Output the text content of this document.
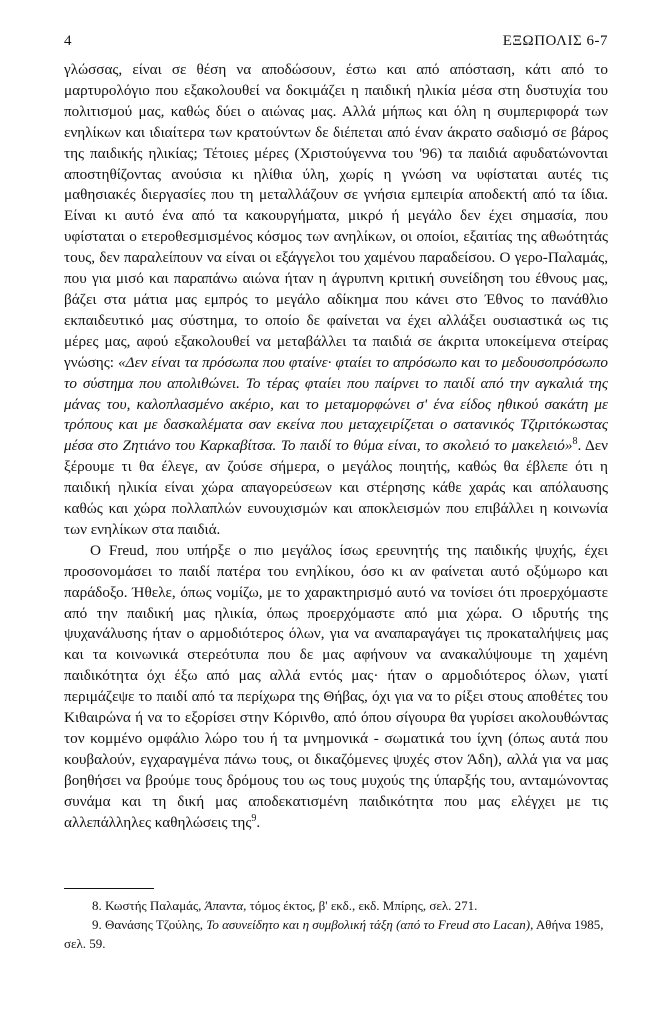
4	ΕΞΩΠΟΛΙΣ 6-7

γλώσσας, είναι σε θέση να αποδώσουν, έστω και από απόσταση, κάτι από το μαρτυρολόγιο που εξακολουθεί να δοκιμάζει η παιδική ηλικία μέσα στη δυστυχία του πολιτισμού μας, καθώς δύει ο αιώνας μας. Αλλά μήπως και όλη η συμπεριφορά των ενηλίκων και ιδιαίτερα των κρατούντων δε διέπεται από έναν άκρατο σαδισμό σε βάρος της παιδικής ηλικίας; Τέτοιες μέρες (Χριστούγεννα του '96) τα παιδιά αφυδατώνονται αποστηθίζοντας ανούσια κι ηλίθια ύλη, χωρίς η γνώση να υφίσταται αυτές τις μαθησιακές διεργασίες που τη μεταλλάζουν σε γνήσια εμπειρία αποδεκτή από τα ίδια. Είναι κι αυτό ένα από τα κακουργήματα, μικρό ή μεγάλο δεν έχει σημασία, που υφίσταται ο ετεροθεσμισμένος κόσμος των ανηλίκων, οι οποίοι, εξαιτίας της αθωότητάς τους, δεν παραλείπουν να είναι οι εξάγγελοι του χαμένου παραδείσου. Ο γερο-Παλαμάς, που για μισό και παραπάνω αιώνα ήταν η άγρυπνη κριτική συνείδηση του έθνους μας, βάζει στα μάτια μας εμπρός το μεγάλο αδίκημα που κάνει στο Έθνος το πανάθλιο εκπαιδευτικό μας σύστημα, το οποίο δε φαίνεται να έχει αλλάξει ουσιαστικά ως τις μέρες μας, αφού εξακολουθεί να μεταβάλλει τα παιδιά σε άκριτα υποκείμενα στείρας γνώσης: «Δεν είναι τα πρόσωπα που φταίνε· φταίει το απρόσωπο και το μεδουσοπρόσωπο το σύστημα που απολιθώνει. Το τέρας φταίει που παίρνει το παιδί από την αγκαλιά της μάνας του, καλοπλασμένο ακέριο, και το μεταμορφώνει σ' ένα είδος ηθικού σακάτη με τρόπους και με δασκαλέματα σαν εκείνα που μεταχειρίζεται ο σατανικός Τζιριτόκωστας μέσα στο Ζητιάνο του Καρκαβίτσα. Το παιδί το θύμα είναι, το σκολειό το μακελειό»$^8$. Δεν ξέρουμε τι θα έλεγε, αν ζούσε σήμερα, ο μεγάλος ποιητής, καθώς θα έβλεπε ότι η παιδική ηλικία είναι χώρα απαγορεύσεων και στέρησης κάθε χαράς και απόλαυσης καθώς και χώρα πολλαπλών ευνουχισμών και αποκλεισμών που επιβάλλει η κοινωνία των ενηλίκων στα παιδιά.

Ο Freud, που υπήρξε ο πιο μεγάλος ίσως ερευνητής της παιδικής ψυχής, έχει προσονομάσει το παιδί πατέρα του ενηλίκου, όσο κι αν φαίνεται αυτό οξύμωρο και παράδοξο. Ήθελε, όπως νομίζω, με το χαρακτηρισμό αυτό να τονίσει ότι προερχόμαστε από την παιδική μας ηλικία, όπως προερχόμαστε από μια χώρα. Ο ιδρυτής της ψυχανάλυσης ήταν ο αρμοδιότερος όλων, για να αναπαραγάγει τις προκαταλήψεις μας και τα κοινωνικά στερεότυπα που δε μας αφήνουν να ανακαλύψουμε τη χαμένη παιδικότητα όχι έξω από μας αλλά εντός μας· ήταν ο αρμοδιότερος όλων, γιατί περιμάζεψε το παιδί από τα περίχωρα της Θήβας, όχι για να το ρίξει στους αποθέτες του Κιθαιρώνα ή να το εξορίσει στην Κόρινθο, από όπου σίγουρα θα γυρίσει ακολουθώντας τον κομμένο ομφάλιο λώρο του ή τα μνημονικά - σωματικά του ίχνη (όπως αυτά που κουβαλούν, εγχαραγμένα πάνω τους, οι δικαζόμενες ψυχές στον Άδη), αλλά για να μας βοηθήσει να βρούμε τους δρόμους του ως τους μυχούς της ύπαρξής του, ανταμώνοντας συνάμα και τη δική μας αποδεκατισμένη παιδικότητα που μας ελέγχει με τις αλλεπάλληλες καθηλώσεις της$^9$.

8. Κωστής Παλαμάς, Άπαντα, τόμος έκτος, β' εκδ., εκδ. Μπίρης, σελ. 271.

9. Θανάσης Τζούλης, Το ασυνείδητο και η συμβολική τάξη (από το Freud στο Lacan), Αθήνα 1985, σελ. 59.
